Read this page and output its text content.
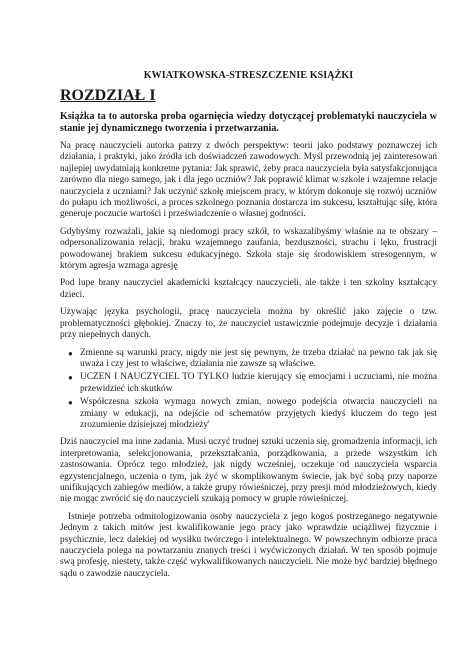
KWIATKOWSKA-STRESZCZENIE KSIĄŻKI
ROZDZIAŁ I
Książka ta to autorska proba ogarnięcia wiedzy dotyczącej problematyki nauczyciela w stanie jej dynamicznego tworzenia i przetwarzania.

Na pracę nauczycieli autorka patrzy z dwóch perspektyw: teorii jako podstawy poznawczej ich działania, i praktyki, jako źródła ich doświadczeń zawodowych. Myśl przewodnią jej zainteresowań najlepiej uwydatniają konkretne pytania: Jak sprawić, żeby praca nauczyciela była satysfakcjonująca zarówno dla niego samego, jak i dla jego uczniów? Jak poprawić klimat w szkole i wzajemne relacje nauczyciela z uczniami? Jak uczynić szkołę miejscem pracy, w którym dokonuje się rozwój uczniów do pułapu ich możliwości, a proces szkolnego poznania dostarcza im sukcesu, kształtując siłę, która generuje poczucie wartości i przeświadczenie o własnej godności.

Gdybyśmy rozważali, jakie są niedomogi pracy szkół, to wskazalibyśmy właśnie na te obszary – odpersonalizowania relacji, braku wzajemnego zaufania, bezduszności, strachu i lęku, frustracji powodowanej brakiem sukcesu edukacyjnego. Szkoła staje się środowiskiem stresogennym, w którym agresja wzmaga agresję

Pod lupe brany nauczyciel akademicki kształcący nauczycieli, ale także i ten szkolny kształcący dzieci.

Używając języka psychologii, pracę nauczyciela można by określić jako zajęcie o tzw. problematyczności głębokiej. Znaczy to, że nauczyciel ustawicznie podejmuje decyzje i działania przy niepełnych danych.

● Zmienne są warunki pracy, nigdy nie jest się pewnym, że trzeba działać na pewno tak jak się uważa i czy jest to właściwe, działania nie zawsze są właściwe.
● UCZEN I NAUCZYCIEL TO TYLKO ludzie kierujący się emocjami i uczuciami, nie można przewidzieć ich skutków
● Współczesna szkoła wymaga nowych zmian, nowego podejścia otwarcia nauczycieli na zmiany w edukacji, na odejście od schematów przyjętych kiedyś kluczem do tego jest zrozumienie dzisiejszej młodzieży'

Dziś nauczyciel ma inne zadania. Musi uczyć trudnej sztuki uczenia się, gromadzenia informacji, ich interpretowania, selekcjonowania, przekształcania, porządkowania, a przede wszystkim ich zastosowania. Oprócz tego młodzież, jak nigdy wcześniej, oczekuje od nauczyciela wsparcia egzystencjalnego, uczenia o tym, jak żyć w skomplikowanym świecie, jak być sobą przy naporze unifikujących zabiegów mediów, a także grupy rówieśniczej, przy presji mód młodzieżowych, kiedy nie mogąc zwrócić się do nauczycieli szukają pomocy w grupie rówieśniczej.

Istnieje potrzeba odmitologizowania osoby nauczyciela z jego kogoś postrzeganego negatywnie Jednym z takich mitów jest kwalifikowanie jego pracy jako wprawdzie uciążliwej fizycznie i psychicznie, lecz dalekiej od wysiłku twórczego i intelektualnego. W powszechnym odbiorze praca nauczyciela polega na powtarzaniu znanych treści i wyćwiczonych działań. W ten sposób pojmuje swą profesję, niestety, także część wykwalifikowanych nauczycieli. Nie może być bardziej błędnego sądu o zawodzie nauczyciela.
